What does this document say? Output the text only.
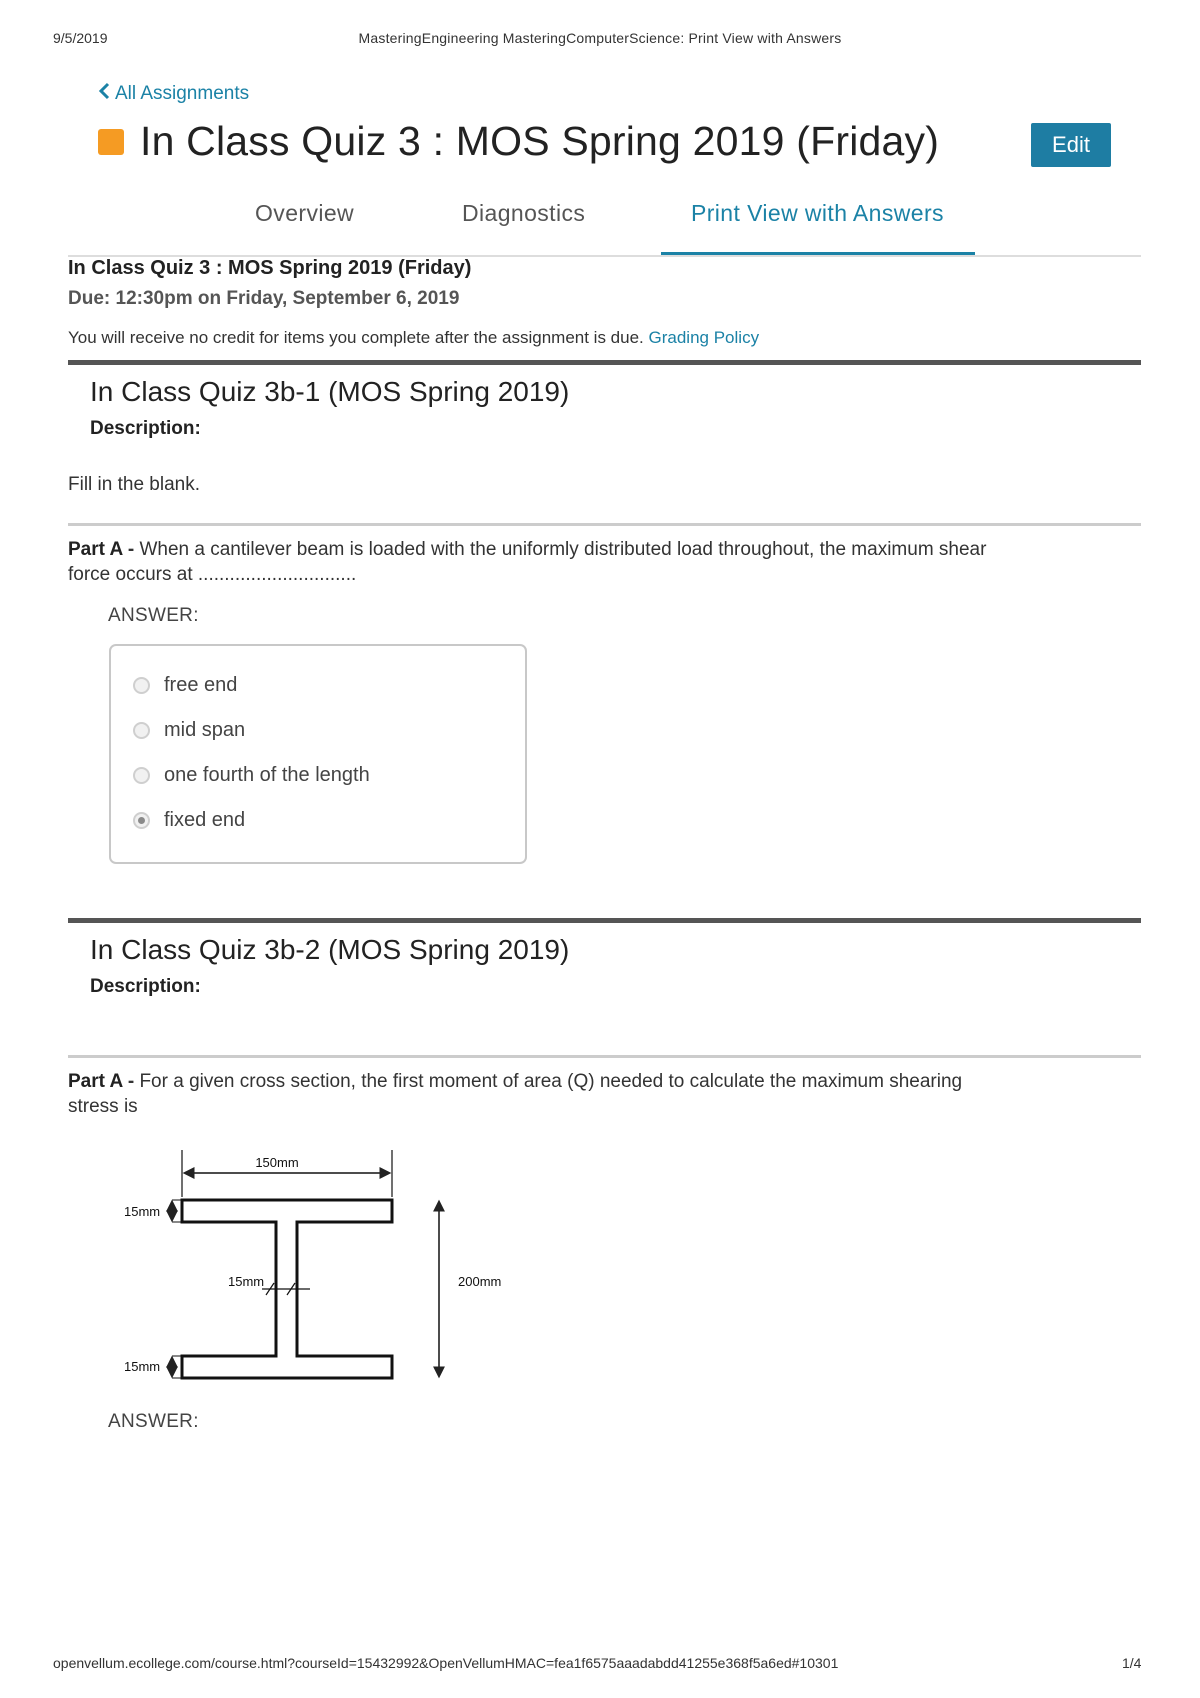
9/5/2019	MasteringEngineering MasteringComputerScience: Print View with Answers
All Assignments
In Class Quiz 3 : MOS Spring 2019 (Friday)	Edit
Overview	Diagnostics	Print View with Answers
In Class Quiz 3 : MOS Spring 2019 (Friday)
Due: 12:30pm on Friday, September 6, 2019
You will receive no credit for items you complete after the assignment is due. Grading Policy
In Class Quiz 3b-1 (MOS Spring 2019)
Description:
Fill in the blank.
Part A - When a cantilever beam is loaded with the uniformly distributed load throughout, the maximum shear
force occurs at ..............................
ANSWER:
free end
mid span
one fourth of the length
fixed end
In Class Quiz 3b-2 (MOS Spring 2019)
Description:
Part A - For a given cross section, the first moment of area (Q) needed to calculate the maximum shearing
stress is
150mm
15mm
15mm	200mm
15mm
ANSWER:
openvellum.ecollege.com/course.html?courseId=15432992&OpenVellumHMAC=fea1f6575aaadabdd41255e368f5a6ed#10301	1/4
